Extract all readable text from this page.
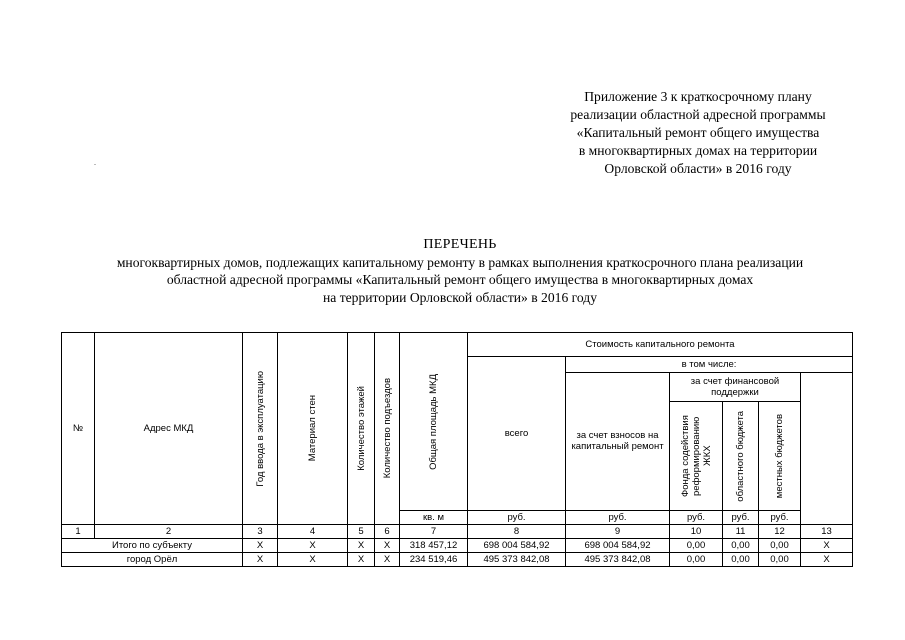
Приложение 3 к краткосрочному плану
реализации областной адресной программы
«Капитальный ремонт общего имущества
в многоквартирных домах на территории
Орловской области» в 2016 году
ПЕРЕЧЕНЬ
многоквартирных домов, подлежащих капитальному ремонту в рамках выполнения краткосрочного плана реализации
областной адресной программы «Капитальный ремонт общего имущества в многоквартирных домах
на территории Орловской области» в 2016 году
№	Адрес МКД	Год ввода в эксплуатацию	Материал стен	Количество этажей	Количество подъездов	Общая площадь МКД	Стоимость капитального ремонта	

							всего	в том числе:					
								за счет взносов на капитальный ремонт	за счет финансовой поддержки				

									Фонда содействия реформированию ЖКХ	областного бюджета	местных бюджетов		

						кв. м	руб.	руб.	руб.	руб.	руб.		
1	2	3	4	5	6	7	8	9	10	11	12	13	
Итого по субъекту		X	X	X	X	318 457,12	698 004 584,92	698 004 584,92	0,00	0,00	0,00	X	
город Орёл		X	X	X	X	234 519,46	495 373 842,08	495 373 842,08	0,00	0,00	0,00	X	
